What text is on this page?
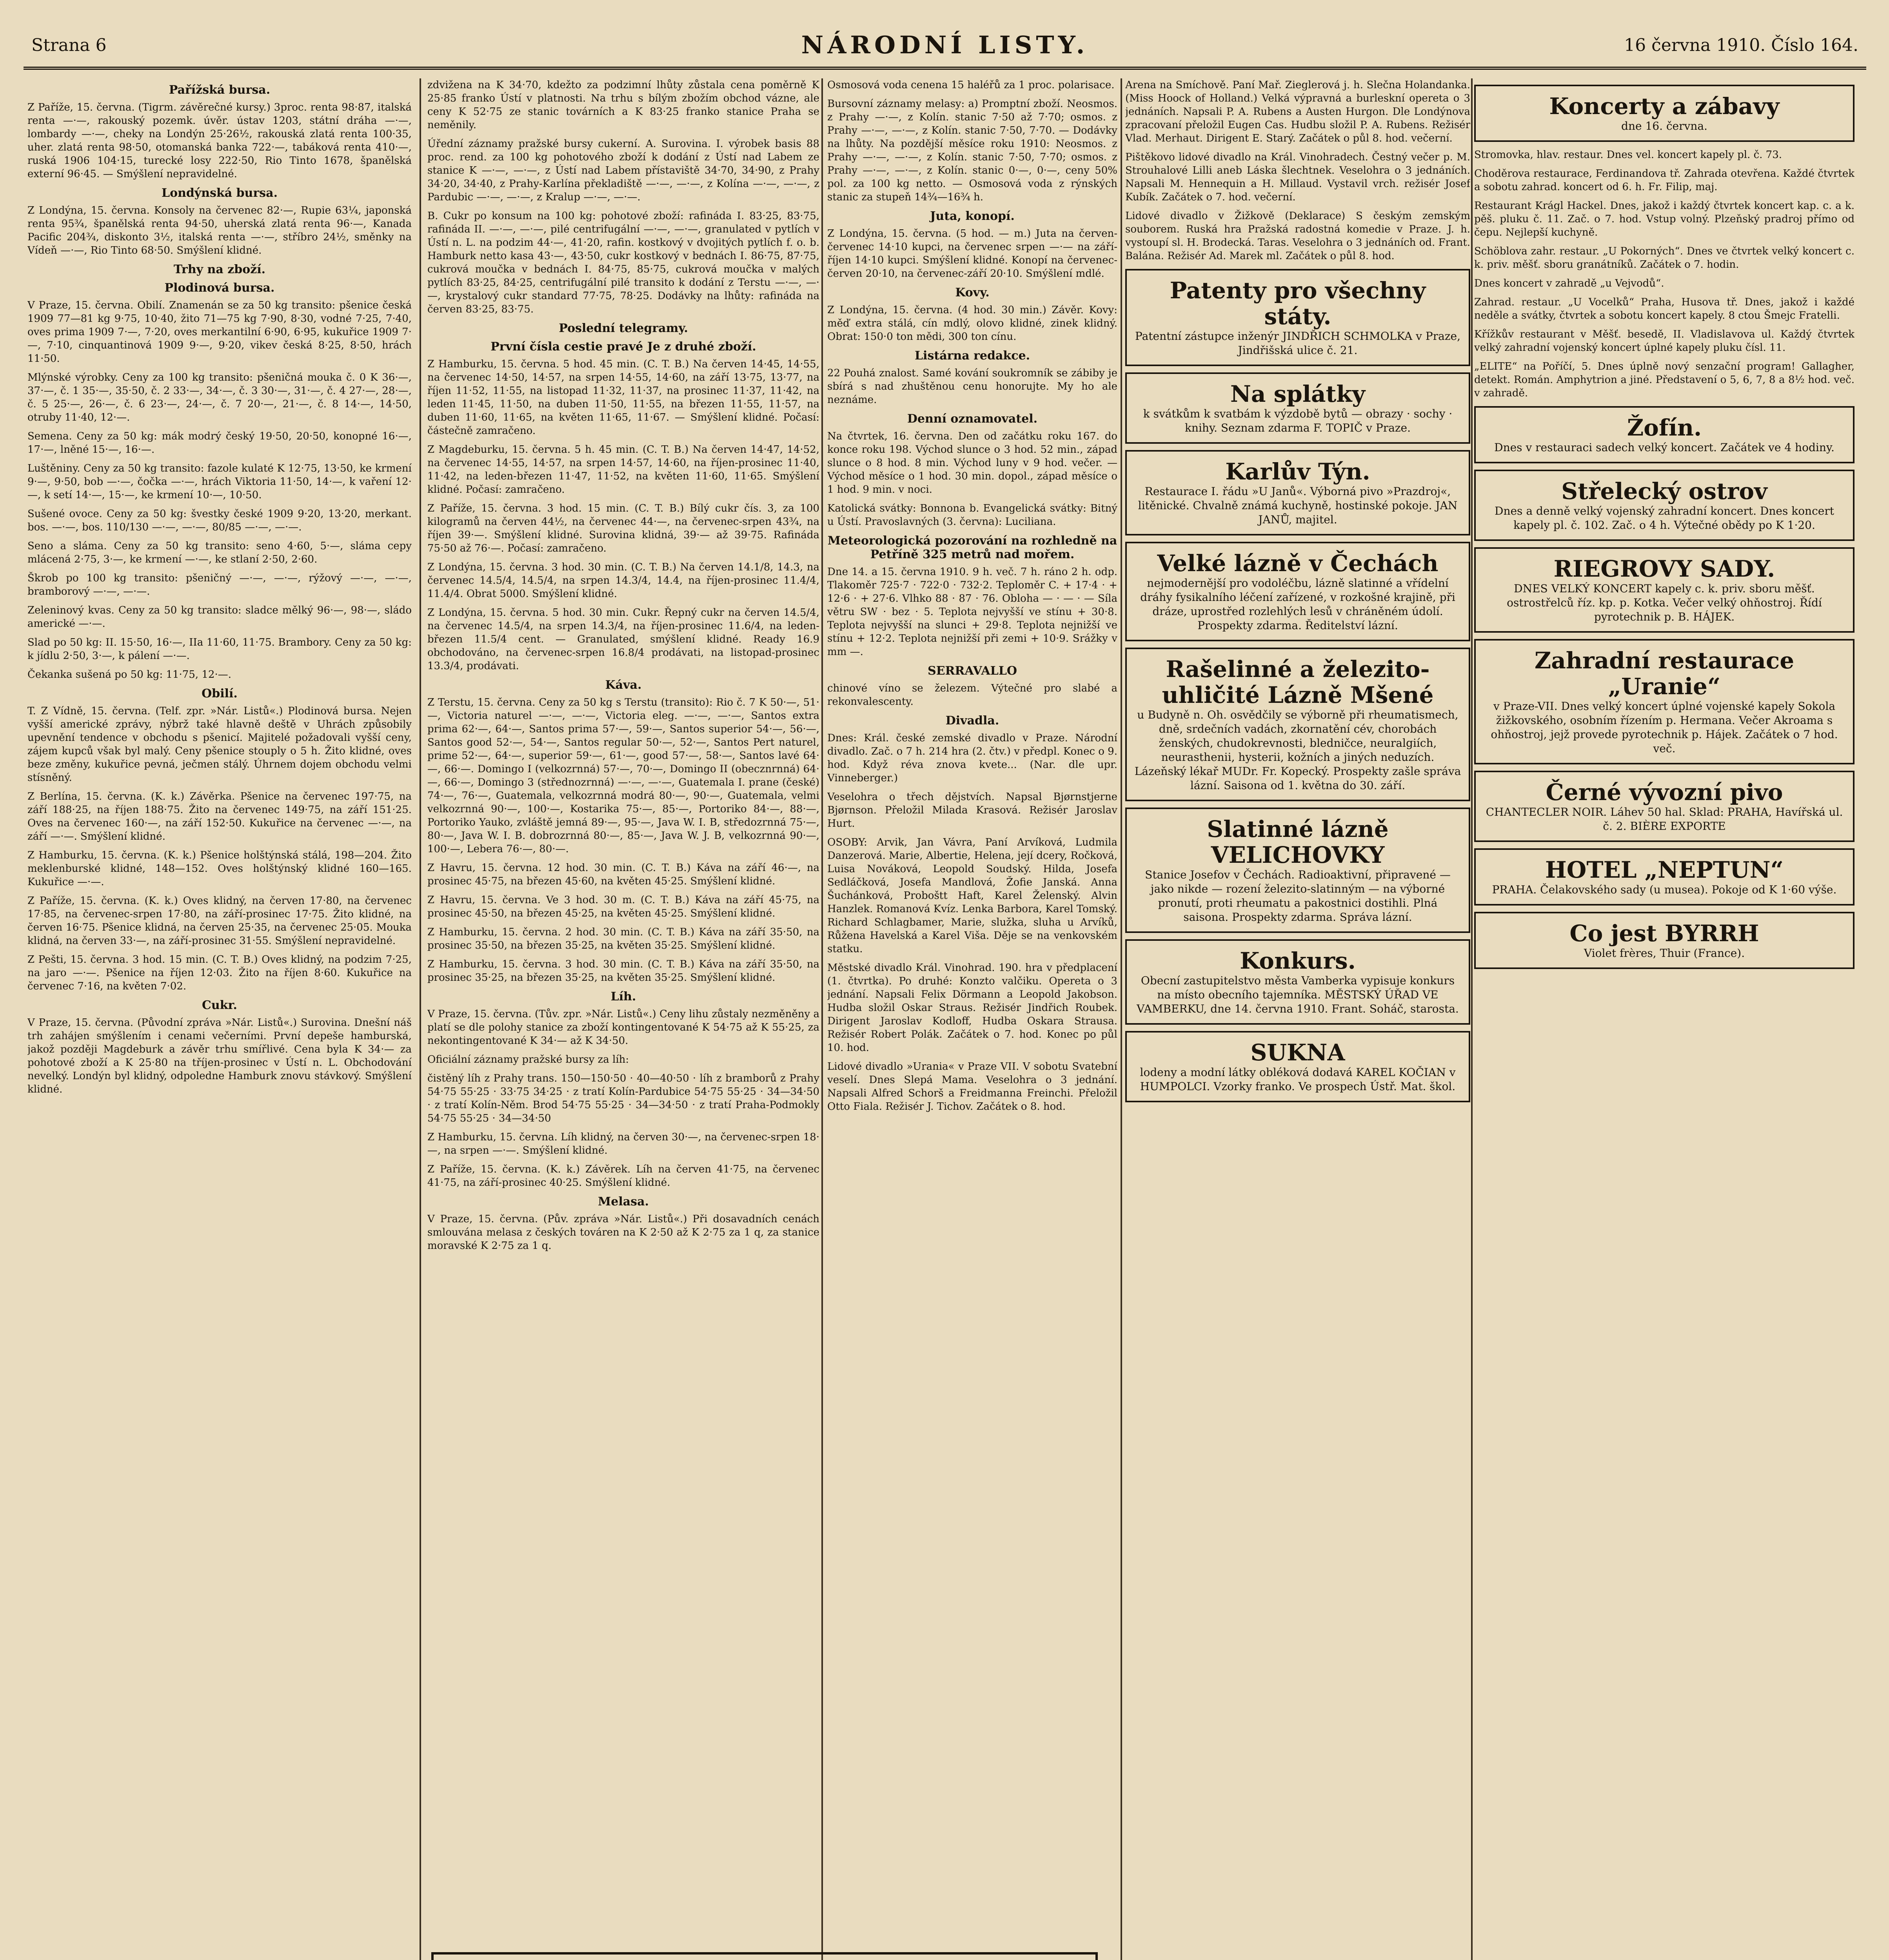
Strana 6	NÁRODNÍ LISTY.	16 června 1910. Číslo 164.
Pařížská bursa.

Z Paříže, 15. června. (Tigrm. závěrečné kursy.) 3proc. renta 98·87, italská renta —·—, rakouský pozemk. úvěr. ústav 1203, státní dráha —·—, lombardy —·—, cheky na Londýn 25·26½, rakouská zlatá renta 100·35, uher. zlatá renta 98·50, otomanská banka 722·—, tabáková renta 410·—, ruská 1906 104·15, turecké losy 222·50, Rio Tinto 1678, španělská externí 96·45. — Smýšlení nepravidelné.

Londýnská bursa.

Z Londýna, 15. června. Konsoly na červenec 82·—, Rupie 63¼, japonská renta 95¾, španělská renta 94·50, uherská zlatá renta 96·—, Kanada Pacific 204¾, diskonto 3½, italská renta —·—, stříbro 24½, směnky na Vídeň —·—, Rio Tinto 68·50. Smýšlení klidné.

Trhy na zboží.
Plodinová bursa.

V Praze, 15. června. Obilí. Znamenán se za 50 kg transito: pšenice česká 1909 77—81 kg 9·75, 10·40, žito 71—75 kg 7·90, 8·30, vodné 7·25, 7·40, oves prima 1909 7·—, 7·20, oves merkantilní 6·90, 6·95, kukuřice 1909 7·—, 7·10, cinquantinová 1909 9·—, 9·20, vikev česká 8·25, 8·50, hrách 11·50.

Mlýnské výrobky. Ceny za 100 kg transito: pšeničná mouka č. 0 K 36·—, 37·—, č. 1 35·—, 35·50, č. 2 33·—, 34·—, č. 3 30·—, 31·—, č. 4 27·—, 28·—, č. 5 25·—, 26·—, č. 6 23·—, 24·—, č. 7 20·—, 21·—, č. 8 14·—, 14·50, otruby 11·40, 12·—.

Semena. Ceny za 50 kg: mák modrý český 19·50, 20·50, konopné 16·—, 17·—, lněné 15·—, 16·—.

Luštěniny. Ceny za 50 kg transito: fazole kulaté K 12·75, 13·50, ke krmení 9·—, 9·50, bob —·—, čočka —·—, hrách Viktoria 11·50, 14·—, k vaření 12·—, k setí 14·—, 15·—, ke krmení 10·—, 10·50.

Sušené ovoce. Ceny za 50 kg: švestky české 1909 9·20, 13·20, merkant. bos. —·—, bos. 110/130 —·—, —·—, 80/85 —·—, —·—.

Seno a sláma. Ceny za 50 kg transito: seno 4·60, 5·—, sláma cepy mlácená 2·75, 3·—, ke krmení —·—, ke stlaní 2·50, 2·60.

Škrob po 100 kg transito: pšeničný —·—, —·—, rýžový —·—, —·—, bramborový —·—, —·—.

Zeleninový kvas. Ceny za 50 kg transito: sladce mělký 96·—, 98·—, sládo americké —·—.

Slad po 50 kg: II. 15·50, 16·—, IIa 11·60, 11·75. Brambory. Ceny za 50 kg: k jídlu 2·50, 3·—, k pálení —·—.

Čekanka sušená po 50 kg: 11·75, 12·—.

Obilí.

T. Z Vídně, 15. června. (Telf. zpr. »Nár. Listů«.) Plodinová bursa. Nejen vyšší americké zprávy, nýbrž také hlavně deště v Uhrách způsobily upevnění tendence v obchodu s pšenicí. Majitelé požadovali vyšší ceny, zájem kupců však byl malý. Ceny pšenice stouply o 5 h. Žito klidné, oves beze změny, kukuřice pevná, ječmen stálý. Úhrnem dojem obchodu velmi stísněný.

Z Berlína, 15. června. (K. k.) Závěrka. Pšenice na červenec 197·75, na září 188·25, na říjen 188·75. Žito na červenec 149·75, na září 151·25. Oves na červenec 160·—, na září 152·50. Kukuřice na červenec —·—, na září —·—. Smýšlení klidné.

Z Hamburku, 15. června. (K. k.) Pšenice holštýnská stálá, 198—204. Žito meklenburské klidné, 148—152. Oves holštýnský klidné 160—165. Kukuřice —·—.

Z Paříže, 15. června. (K. k.) Oves klidný, na červen 17·80, na červenec 17·85, na červenec-srpen 17·80, na září-prosinec 17·75. Žito klidné, na červen 16·75. Pšenice klidná, na červen 25·35, na červenec 25·05. Mouka klidná, na červen 33·—, na září-prosinec 31·55. Smýšlení nepravidelné.

Z Pešti, 15. června. 3 hod. 15 min. (C. T. B.) Oves klidný, na podzim 7·25, na jaro —·—. Pšenice na říjen 12·03. Žito na říjen 8·60. Kukuřice na červenec 7·16, na květen 7·02.

Cukr.

V Praze, 15. června. (Původní zpráva »Nár. Listů«.) Surovina. Dnešní náš trh zahájen smýšlením i cenami večerními. První depeše hamburská, jakož později Magdeburk a závěr trhu smířlivé. Cena byla K 34·— za pohotové zboží a K 25·80 na tříjen-prosinec v Ústí n. L. Obchodování nevelký. Londýn byl klidný, odpoledne Hamburk znovu stávkový. Smýšlení klidné.

zdvižena na K 34·70, kdežto za podzimní lhůty zůstala cena poměrně K 25·85 franko Ústí v platnosti. Na trhu s bílým zbožím obchod vázne, ale ceny K 52·75 ze stanic továrních a K 83·25 franko stanice Praha se neměnily.

Úřední záznamy pražské bursy cukerní. A. Surovina. I. výrobek basis 88 proc. rend. za 100 kg pohotového zboží k dodání z Ústí nad Labem ze stanice K —·—, —·—, z Ústí nad Labem přístaviště 34·70, 34·90, z Prahy 34·20, 34·40, z Prahy-Karlína překladiště —·—, —·—, z Kolína —·—, —·—, z Pardubic —·—, —·—, z Kralup —·—, —·—.

B. Cukr po konsum na 100 kg: pohotové zboží: rafináda I. 83·25, 83·75, rafináda II. —·—, —·—, pilé centrifugální —·—, —·—, granulated v pytlích v Ústí n. L. na podzim 44·—, 41·20, rafin. kostkový v dvojitých pytlích f. o. b. Hamburk netto kasa 43·—, 43·50, cukr kostkový v bednách I. 86·75, 87·75, cukrová moučka v bednách I. 84·75, 85·75, cukrová moučka v malých pytlích 83·25, 84·25, centrifugální pilé transito k dodání z Terstu —·—, —·—, krystalový cukr standard 77·75, 78·25. Dodávky na lhůty: rafináda na červen 83·25, 83·75.

Poslední telegramy.
První čísla cestie pravé Je z druhé zboží.

Z Hamburku, 15. června. 5 hod. 45 min. (C. T. B.) Na červen 14·45, 14·55, na červenec 14·50, 14·57, na srpen 14·55, 14·60, na září 13·75, 13·77, na říjen 11·52, 11·55, na listopad 11·32, 11·37, na prosinec 11·37, 11·42, na leden 11·45, 11·50, na duben 11·50, 11·55, na březen 11·55, 11·57, na duben 11·60, 11·65, na květen 11·65, 11·67. — Smýšlení klidné. Počasí: částečně zamračeno.

Z Magdeburku, 15. června. 5 h. 45 min. (C. T. B.) Na červen 14·47, 14·52, na červenec 14·55, 14·57, na srpen 14·57, 14·60, na říjen-prosinec 11·40, 11·42, na leden-březen 11·47, 11·52, na květen 11·60, 11·65. Smýšlení klidné. Počasí: zamračeno.

Z Paříže, 15. června. 3 hod. 15 min. (C. T. B.) Bílý cukr čís. 3, za 100 kilogramů na červen 44½, na červenec 44·—, na červenec-srpen 43¾, na říjen 39·—. Smýšlení klidné. Surovina klidná, 39·— až 39·75. Rafináda 75·50 až 76·—. Počasí: zamračeno.

Z Londýna, 15. června. 3 hod. 30 min. (C. T. B.) Na červen 14.1/8, 14.3, na červenec 14.5/4, 14.5/4, na srpen 14.3/4, 14.4, na říjen-prosinec 11.4/4, 11.4/4. Obrat 5000. Smýšlení klidné.

Z Londýna, 15. června. 5 hod. 30 min. Cukr. Řepný cukr na červen 14.5/4, na červenec 14.5/4, na srpen 14.3/4, na říjen-prosinec 11.6/4, na leden-březen 11.5/4 cent. — Granulated, smýšlení klidné. Ready 16.9 obchodováno, na červenec-srpen 16.8/4 prodávati, na listopad-prosinec 13.3/4, prodávati.

Káva.

Z Terstu, 15. června. Ceny za 50 kg s Terstu (transito): Rio č. 7 K 50·—, 51·—, Victoria naturel —·—, —·—, Victoria eleg. —·—, —·—, Santos extra prima 62·—, 64·—, Santos prima 57·—, 59·—, Santos superior 54·—, 56·—, Santos good 52·—, 54·—, Santos regular 50·—, 52·—, Santos Pert naturel, prime 52·—, 64·—, superior 59·—, 61·—, good 57·—, 58·—, Santos lavé 64·—, 66·—. Domingo I (velkozrnná) 57·—, 70·—, Domingo II (obecznrnná) 64·—, 66·—, Domingo 3 (střednozrnná) —·—, —·—, Guatemala I. prane (české) 74·—, 76·—, Guatemala, velkozrnná modrá 80·—, 90·—, Guatemala, velmi velkozrnná 90·—, 100·—, Kostarika 75·—, 85·—, Portoriko 84·—, 88·—, Portoriko Yauko, zvláště jemná 89·—, 95·—, Java W. I. B, středozrnná 75·—, 80·—, Java W. I. B. dobrozrnná 80·—, 85·—, Java W. J. B, velkozrnná 90·—, 100·—, Lebera 76·—, 80·—.

Z Havru, 15. června. 12 hod. 30 min. (C. T. B.) Káva na září 46·—, na prosinec 45·75, na březen 45·60, na květen 45·25. Smýšlení klidné.

Z Havru, 15. června. Ve 3 hod. 30 m. (C. T. B.) Káva na září 45·75, na prosinec 45·50, na březen 45·25, na květen 45·25. Smýšlení klidné.

Z Hamburku, 15. června. 2 hod. 30 min. (C. T. B.) Káva na září 35·50, na prosinec 35·50, na březen 35·25, na květen 35·25. Smýšlení klidné.

Z Hamburku, 15. června. 3 hod. 30 min. (C. T. B.) Káva na září 35·50, na prosinec 35·25, na březen 35·25, na květen 35·25. Smýšlení klidné.

Líh.

V Praze, 15. června. (Tův. zpr. »Nár. Listů«.) Ceny lihu zůstaly nezměněny a platí se dle polohy stanice za zboží kontingentované K 54·75 až K 55·25, za nekontingentované K 34·— až K 34·50.

Oficiální záznamy pražské bursy za líh:

čistěný líh z Prahy trans. 150—150·50 · 40—40·50 · líh z bramborů z Prahy 54·75 55·25 · 33·75 34·25 · z tratí Kolín-Pardubice 54·75 55·25 · 34—34·50 · z tratí Kolín-Něm. Brod 54·75 55·25 · 34—34·50 · z tratí Praha-Podmokly 54·75 55·25 · 34—34·50

Z Hamburku, 15. června. Líh klidný, na červen 30·—, na červenec-srpen 18·—, na srpen —·—. Smýšlení klidné.

Z Paříže, 15. června. (K. k.) Závěrek. Líh na červen 41·75, na červenec 41·75, na září-prosinec 40·25. Smýšlení klidné.

Melasa.

V Praze, 15. června. (Pův. zpráva »Nár. Listů«.) Při dosavadních cenách smlouvána melasa z českých továren na K 2·50 až K 2·75 za 1 q, za stanice moravské K 2·75 za 1 q.

Osmosová voda cenena 15 haléřů za 1 proc. polarisace.

Bursovní záznamy melasy: a) Promptní zboží. Neosmos. z Prahy —·—, z Kolín. stanic 7·50 až 7·70; osmos. z Prahy —·—, —·—, z Kolín. stanic 7·50, 7·70. — Dodávky na lhůty. Na pozdější měsíce roku 1910: Neosmos. z Prahy —·—, —·—, z Kolín. stanic 7·50, 7·70; osmos. z Prahy —·—, —·—, z Kolín. stanic 0·—, 0·—, ceny 50% pol. za 100 kg netto. — Osmosová voda z rýnských stanic za stupeň 14¾—16¾ h.

Juta, konopí.

Z Londýna, 15. června. (5 hod. — m.) Juta na červen-červenec 14·10 kupci, na červenec srpen —·— na září-říjen 14·10 kupci. Smýšlení klidné. Konopí na červenec-červen 20·10, na červenec-září 20·10. Smýšlení mdlé.

Kovy.

Z Londýna, 15. června. (4 hod. 30 min.) Závěr. Kovy: měď extra stálá, cín mdlý, olovo klidné, zinek klidný. Obrat: 150·0 ton mědi, 300 ton cínu.

Listárna redakce.

22 Pouhá znalost. Samé kování soukromník se zábiby je sbírá s nad zhuštěnou cenu honorujte. My ho ale neznáme.

Denní oznamovatel.

Na čtvrtek, 16. června. Den od začátku roku 167. do konce roku 198. Východ slunce o 3 hod. 52 min., západ slunce o 8 hod. 8 min. Východ luny v 9 hod. večer. — Východ měsíce o 1 hod. 30 min. dopol., západ měsíce o 1 hod. 9 min. v noci.

Katolická svátky: Bonnona b. Evangelická svátky: Bitný u Ústí. Pravoslavných (3. června): Luciliana.

Meteorologická pozorování na rozhledně na Petříně 325 metrů nad mořem.

Dne 14. a 15. června 1910. 9 h. več. 7 h. ráno 2 h. odp. Tlakoměr 725·7 · 722·0 · 732·2. Teploměr C. + 17·4 · + 12·6 · + 27·6. Vlhko 88 · 87 · 76. Oblohа — · — · — Síla větru SW · bez · 5. Teplota nejvyšší ve stínu + 30·8. Teplota nejvyšší na slunci + 29·8. Teplota nejnižší ve stínu + 12·2. Teplota nejnižší při zemi + 10·9. Srážky v mm —.

SERRAVALLO

chinové víno se železem. Výtečné pro slabé a rekonvalescenty.

Divadla.

Dnes: Král. české zemské divadlo v Praze. Národní divadlo. Zač. o 7 h. 214 hra (2. čtv.) v předpl. Konec o 9. hod. Když réva znova kvete... (Nar. dle upr. Vinneberger.)

Veselohra o třech dějstvích. Napsal Bjørnstjerne Bjørnson. Přeložil Milada Krasová. Režisér Jaroslav Hurt.

OSOBY: Arvik, Jan Vávra, Paní Arvíková, Ludmila Danzerová. Marie, Albertie, Helena, její dcery, Ročková, Luisa Nováková, Leopold Soudský. Hilda, Josefa Sedláčková, Josefa Mandlová, Žofie Janská. Anna Šuchánková, Proboštt Haft, Karel Želenský. Alvin Hanzlek. Romanová Kvíz. Lenka Barbora, Karel Tomský. Richard Schlagbamer, Marie, služka, sluha u Arvíků, Růžena Havelská a Karel Viša. Děje se na venkovském statku.

Městské divadlo Král. Vinohrad. 190. hra v předplacení (1. čtvrtka). Po druhé: Konzto valčiku. Opereta o 3 jednání. Napsali Felix Dörmann a Leopold Jakobson. Hudba složil Oskar Straus. Režisér Jindřich Roubek. Dirigent Jaroslav Kodloff, Hudba Oskara Strausa. Režisér Robert Polák. Začátek o 7. hod. Konec po půl 10. hod.

Lidové divadlo »Urania« v Praze VII. V sobotu Svatební veselí. Dnes Slepá Mama. Veselohra o 3 jednání. Napsali Alfred Schorš a Freidmanna Freinchi. Přeložil Otto Fiala. Režisér J. Tichov. Začátek o 8. hod.

Arena na Smíchově. Paní Mař. Zieglerová j. h. Slečna Holandanka. (Miss Hoock of Holland.) Velká výpravná a burleskní opereta o 3 jednáních. Napsali P. A. Rubens a Austen Hurgon. Dle Londýnova zpracovaní přeložil Eugen Cas. Hudbu složil P. A. Rubens. Režisér Vlad. Merhaut. Dirigent E. Starý. Začátek o půl 8. hod. večerní.

Pištěkovo lidové divadlo na Král. Vinohradech. Čestný večer p. M. Strouhalové Lilli aneb Láska šlechtnek. Veselohra o 3 jednáních. Napsali M. Hennequin a H. Millaud. Vystavil vrch. režisér Josef Kubík. Začátek o 7. hod. večerní.

Lidové divadlo v Žižkově (Deklarace) S českým zemským souborem. Ruská hra Pražská radostná komedie v Praze. J. h. vystoupí sl. H. Brodecká. Taras. Veselohra o 3 jednáních od. Frant. Balána. Režisér Ad. Marek ml. Začátek o půl 8. hod.

Patenty pro všechny státy.
Patentní zástupce inženýr JINDŘICH SCHMOLKA v Praze, Jindřišská ulice č. 21.
Na splátky
k svátkům k svatbám k výzdobě bytů — obrazy · sochy · knihy. Seznam zdarma F. TOPIČ v Praze.
Karlův Týn.
Restaurace I. řádu »U Janů«. Výborná pivo »Prazdroj«, litěnické. Chvalně známá kuchyně, hostinské pokoje. JAN JANŮ, majitel.
Velké lázně v Čechách
nejmodernější pro vodoléčbu, lázně slatinné a vřídelní dráhy fysikalního léčení zařízené, v rozkošné krajině, při dráze, uprostřed rozlehlých lesů v chráněném údolí. Prospekty zdarma. Ředitelství lázní.
Rašelinné a železito-uhličité Lázně Mšené
u Budyně n. Oh. osvědčily se výborně při rheumatismech, dně, srdečních vadách, zkornatění cév, chorobách ženských, chudokrevnosti, bledničce, neuralgiích, neurasthenii, hysterii, kožních a jiných neduzích. Lázeňský lékař MUDr. Fr. Kopecký. Prospekty zašle správa lázní. Saisona od 1. května do 30. září.
Slatinné lázně VELICHOVKY
Stanice Josefov v Čechách. Radioaktivní, připravené — jako nikde — rození železito-slatinným — na výborné pronutí, proti rheumatu a pakostnici dostihli. Plná saisona. Prospekty zdarma. Správa lázní.
Konkurs.
Obecní zastupitelstvo města Vamberka vypisuje konkurs na místo obecního tajemníka. MĚSTSKÝ ÚŘAD VE VAMBERKU, dne 14. června 1910. Frant. Soháč, starosta.
SUKNA
lodeny a modní látky obléková dodavá KAREL KOČIAN v HUMPOLCI. Vzorky franko. Ve prospech Ústř. Mat. škol.
Koncerty a zábavy
dne 16. června.

Stromovka, hlav. restaur. Dnes vel. koncert kapely pl. č. 73.

Choděrova restaurace, Ferdinandova tř. Zahrada otevřena. Každé čtvrtek a sobotu zahrad. koncert od 6. h. Fr. Filip, maj.

Restaurant Krágl Hackel. Dnes, jakož i každý čtvrtek koncert kap. c. a k. pěš. pluku č. 11. Zač. o 7. hod. Vstup volný. Plzeňský pradroj přímo od čepu. Nejlepší kuchyně.

Schöblova zahr. restaur. „U Pokorných“. Dnes ve čtvrtek velký koncert c. k. priv. měšť. sboru granátníků. Začátek o 7. hodin.

Dnes koncert v zahradě „u Vejvodů“.

Zahrad. restaur. „U Vocelků“ Praha, Husova tř. Dnes, jakož i každé neděle a svátky, čtvrtek a sobotu koncert kapely. 8 ctou Šmejc Fratelli.

Křížkův restaurant v Měšť. besedě, II. Vladislavova ul. Každý čtvrtek velký zahradní vojenský koncert úplné kapely pluku čísl. 11.

„ELITE“ na Poříčí, 5. Dnes úplně nový senzační program! Gallagher, detekt. Román. Amphytrion a jiné. Představení o 5, 6, 7, 8 a 8½ hod. več. v zahradě.

Žofín.
Dnes v restauraci sadech velký koncert. Začátek ve 4 hodiny.
Střelecký ostrov
Dnes a denně velký vojenský zahradní koncert. Dnes koncert kapely pl. č. 102. Zač. o 4 h. Výtečné obědy po K 1·20.
RIEGROVY SADY.
DNES VELKÝ KONCERT kapely c. k. priv. sboru měšť. ostrostřelců říz. kp. p. Kotka. Večer velký ohňostroj. Řídí pyrotechnik p. B. HÁJEK.
Zahradní restaurace „Uranie“
v Praze-VII. Dnes velký koncert úplné vojenské kapely Sokola žižkovského, osobním řízením p. Hermana. Večer Akroama s ohňostroj, jejž provede pyrotechnik p. Hájek. Začátek o 7 hod. več.
Černé vývozní pivo
CHANTECLER NOIR. Láhev 50 hal. Sklad: PRAHA, Havířská ul. č. 2. BIÈRE EXPORTE
HOTEL „NEPTUN“
PRAHA. Čelakovského sady (u musea). Pokoje od K 1·60 výše.
Co jest BYRRH
Violet frères, Thuir (France).
